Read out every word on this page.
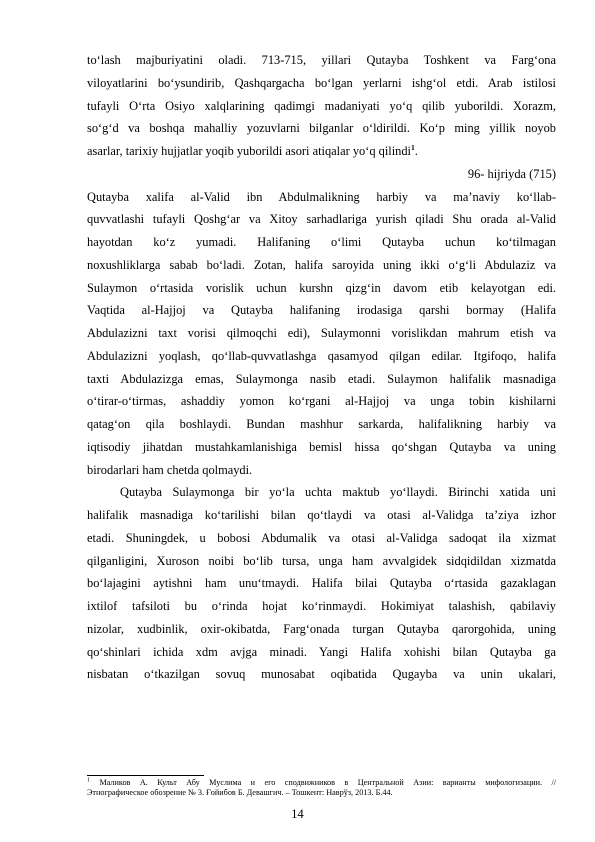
to‘lash majburiyatini oladi. 713-715, yillari Qutayba Toshkent va Farg‘ona
viloyatlarini bo‘ysundirib, Qashqargacha bo‘lgan yerlarni ishg‘ol etdi. Arab istilosi
tufayli O‘rta Osiyo xalqlarining qadimgi madaniyati yo‘q qilib yuborildi. Xorazm,
so‘g‘d va boshqa mahalliy yozuvlarni bilganlar o‘ldirildi. Ko‘p ming yillik noyob
asarlar, tarixiy hujjatlar yoqib yuborildi asori atiqalar yo‘q qilindi$^1$.
96- hijriyda (715)
Qutayba xalifa al-Valid ibn Abdulmalikning harbiy va ma’naviy ko‘llab-
quvvatlashi tufayli Qoshg‘ar va Xitoy sarhadlariga yurish qiladi Shu orada al-Valid
hayotdan ko‘z yumadi. Halifaning o‘limi Qutayba uchun ko‘tilmagan
noxushliklarga sabab bo‘ladi. Zotan, halifa saroyida uning ikki o‘g‘li Abdulaziz va
Sulaymon o‘rtasida vorislik uchun kurshn qizg‘in davom etib kelayotgan edi.
Vaqtida al-Hajjoj va Qutayba halifaning irodasiga qarshi bormay (Halifa
Abdulazizni taxt vorisi qilmoqchi edi), Sulaymonni vorislikdan mahrum etish va
Abdulazizni yoqlash, qo‘llab-quvvatlashga qasamyod qilgan edilar. Itgifoqo, halifa
taxti Abdulazizga emas, Sulaymonga nasib etadi. Sulaymon halifalik masnadiga
o‘tirar-o‘tirmas, ashaddiy yomon ko‘rgani al-Hajjoj va unga tobin kishilarni
qatag‘on qila boshlaydi. Bundan mashhur sarkarda, halifalikning harbiy va
iqtisodiy jihatdan mustahkamlanishiga bemisl hissa qo‘shgan Qutayba va uning
birodarlari ham chetda qolmaydi.
Qutayba Sulaymonga bir yo‘la uchta maktub yo‘llaydi. Birinchi xatida uni
halifalik masnadiga ko‘tarilishi bilan qo‘tlaydi va otasi al-Validga ta’ziya izhor
etadi. Shuningdek, u bobosi Abdumalik va otasi al-Validga sadoqat ila xizmat
qilganligini, Xuroson noibi bo‘lib tursa, unga ham avvalgidek sidqidildan xizmatda
bo‘lajagini aytishni ham unu‘tmaydi. Halifa bilai Qutayba o‘rtasida gazaklagan
ixtilof tafsiloti bu o‘rinda hojat ko‘rinmaydi. Hokimiyat talashish, qabilaviy
nizolar, xudbinlik, oxir-okibatda, Farg‘onada turgan Qutayba qarorgohida, uning
qo‘shinlari ichida xdm avjga minadi. Yangi Halifa xohishi bilan Qutayba ga
nisbatan o‘tkazilgan sovuq munosabat oqibatida Qugayba va unin ukalari,
$^1$ Маликов А. Культ Абу Муслима и его сподвижников в Центральной Азии: варианты мифологизации. //
Этнографическое обозрение № 3. Ғойибов Б. Девашгич. – Тошкент: Наврўз, 2013. Б.44.
14
